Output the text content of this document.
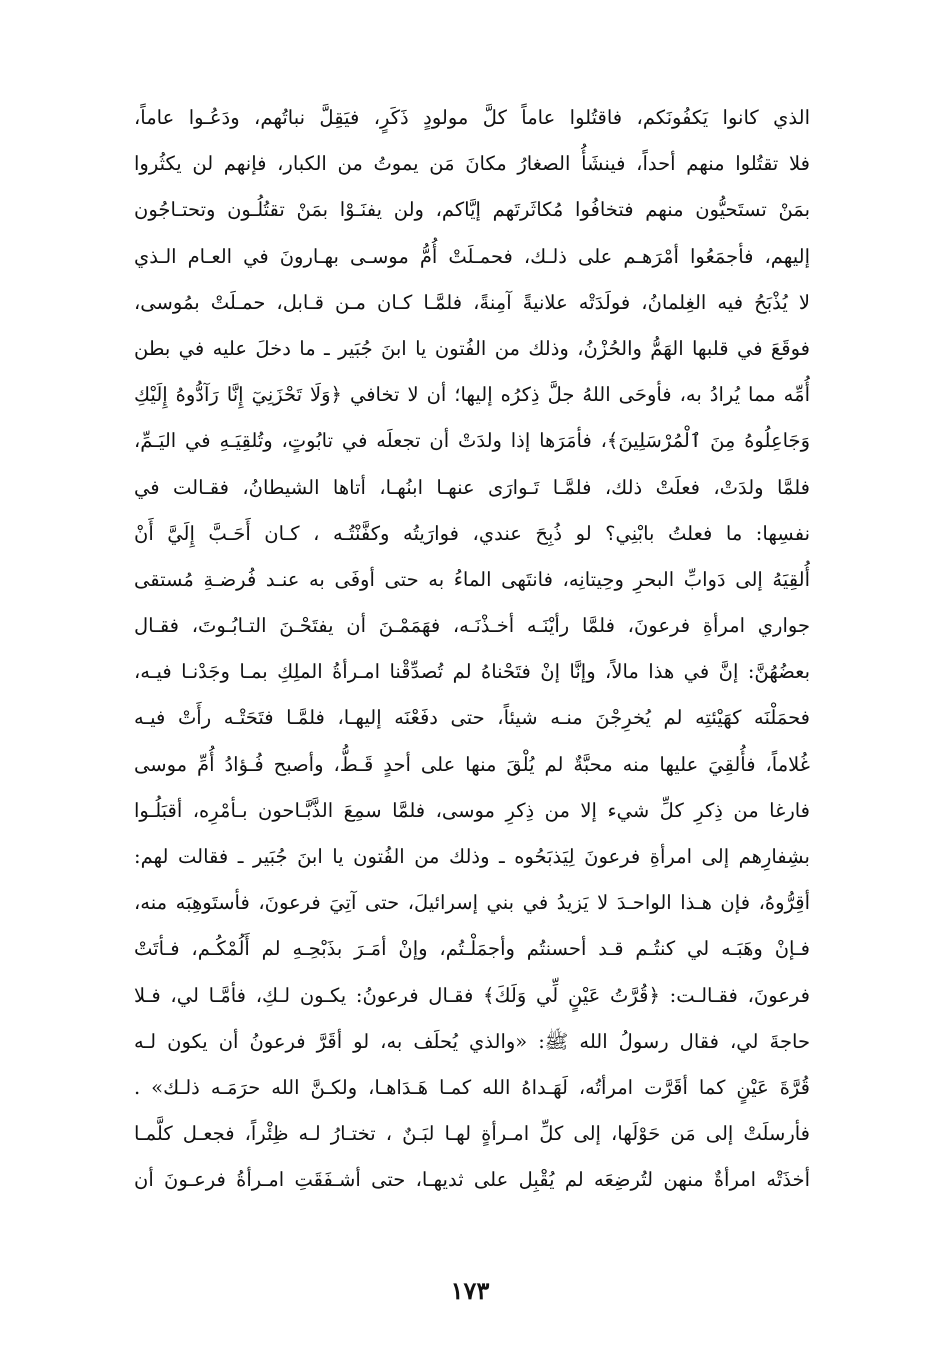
الذي كانوا يَكفُونَكم، فاقتُلوا عاماً كلَّ مولودٍ ذَكَرٍ، فيَقِلَّ نباتُهم، ودَعُـوا عاماً،
فلا تقتُلوا منهم أحداً، فينشَأُ الصغارُ مكانَ مَن يموتُ من الكبار، فإنهم لن يكثُروا
بمَنْ تستَحيُّون منهم فتخافُوا مُكاثَرتَهم إيَّاكم، ولن يفنَـوْا بمَنْ تقتُلُـون وتحتـاجُون
إليهم، فأجمَعُوا أمْرَهـم على ذلـك، فحمـلَتْ أُمُّ موسـى بهـارونَ في العـام الـذي
لا يُذْبَحُ فيه الغِلمانُ، فولَدَتْه علانيةً آمِنةً، فلمَّـا كـان مـن قـابل، حمـلَتْ بمُوسى،
فوقَعَ في قلبها الهَمُّ والحُزْنُ، وذلك من الفُتون يا ابنَ جُبَير ـ ما دخلَ عليه في بطن
أُمِّه مما يُرادُ به، فأوحَى اللهُ جلَّ ذِكرُه إليها؛ أن لا تخافي ﴿وَلَا تَحْزَنِيٓ إِنَّا رَآدُّوهُ إِلَيْكِ
وَجَاعِلُوهُ مِنَ ٱلْمُرْسَلِينَ﴾، فأمَرَها إذا ولدَتْ أن تجعلَه في تابُوتٍ، وتُلقِيَـهِ في اليَـمِّ،
فلمَّا ولدَتْ، فعلَتْ ذلك، فلمَّـا تَـوارَى عنهـا ابنُهـا، أتاها الشيطانُ، فقـالت في
نفسِها: ما فعلتُ بابْنِي؟ لو ذُبِحَ عندي، فوارَيتُه وكفَّنْتُـه ، كـان أَحَـبَّ إِلَيَّ أَنْ
أُلقِيَهُ إلى دَوابِّ البحرِ وحِيتانِه، فانتَهى الماءُ به حتى أوفَى به عنـد فُرضـةِ مُستقى
جواري امرأةِ فرعونَ، فلمَّا رأيْنَـه أخـذْنَـه، فهَمَمْـنَ أن يفتَحْـنَ التـابُـوتَ، فقـال
بعضُهُنَّ: إنَّ في هذا مالاً، وإنَّا إنْ فتَحْناهُ لم تُصدِّقْنا امـرأةُ الملِكِ بمـا وجَدْنـا فيـه،
فحمَلْنَه كهَيْئتِه لم يُخرِجْنَ منـه شيئاً، حتى دفَعْنَه إليهـا، فلمَّـا فتَحَتْـه رأَتْ فيـه
غُلاماً، فأُلقِيَ عليها منه محبَّةٌ لم يُلْقَ منها على أحدٍ قَـطُّ، وأصبح فُـؤادُ أُمِّ موسى
فارغا من ذِكرِ كلِّ شيء إلا من ذِكرِ موسى، فلمَّا سمِعَ الذَّبَّـاحون بـأمْرِه، أقبَلُـوا
بشِفارِهم إلى امرأةِ فرعونَ لِيَذبَحُوه ـ وذلك من الفُتون يا ابنَ جُبَير ـ فقالت لهم:
أقِرُّوهُ، فإن هـذا الواحـدَ لا يَزيدُ في بني إسرائيلَ، حتى آتِيَ فرعونَ، فأستَوهِبَه منه،
فـإنْ وهَبَـه لي كنتُـم قـد أحسنتُم وأجمَلْـتُم، وإنْ أمَـرَ بذَبْحِـهِ لم أَلُمْكُـم، فـأتَتْ
فرعونَ، فقـالـت: ﴿قُرَّتُ عَيْنٍ لِّي وَلَكَ﴾ فقـال فرعونُ: يكـون لـكِ، فأمَّـا لي، فـلا
حاجةَ لي، فقال رسولُ الله ﷺ: «والذي يُحلَف به، لو أقَرَّ فرعونُ أن يكون لـه
قُرَّةَ عَيْنٍ كما أقَرَّت امرأتُه، لَهَـداهُ الله كمـا هَـدَاهـا، ولكـنَّ الله حرَمَـه ذلـك» .
فأرسلَتْ إلى مَن حَوْلَها، إلى كلِّ امـرأةٍ لهـا لبَـنٌ ، تختـارُ لـه ظِئْراً، فجعـل كلَّمـا
أخذَتْه امرأةٌ منهن لتُرضِعَه لم يُقْبِل على ثديهـا، حتى أشـفَقَتِ امـرأةُ فرعـونَ أن
١٧٣
